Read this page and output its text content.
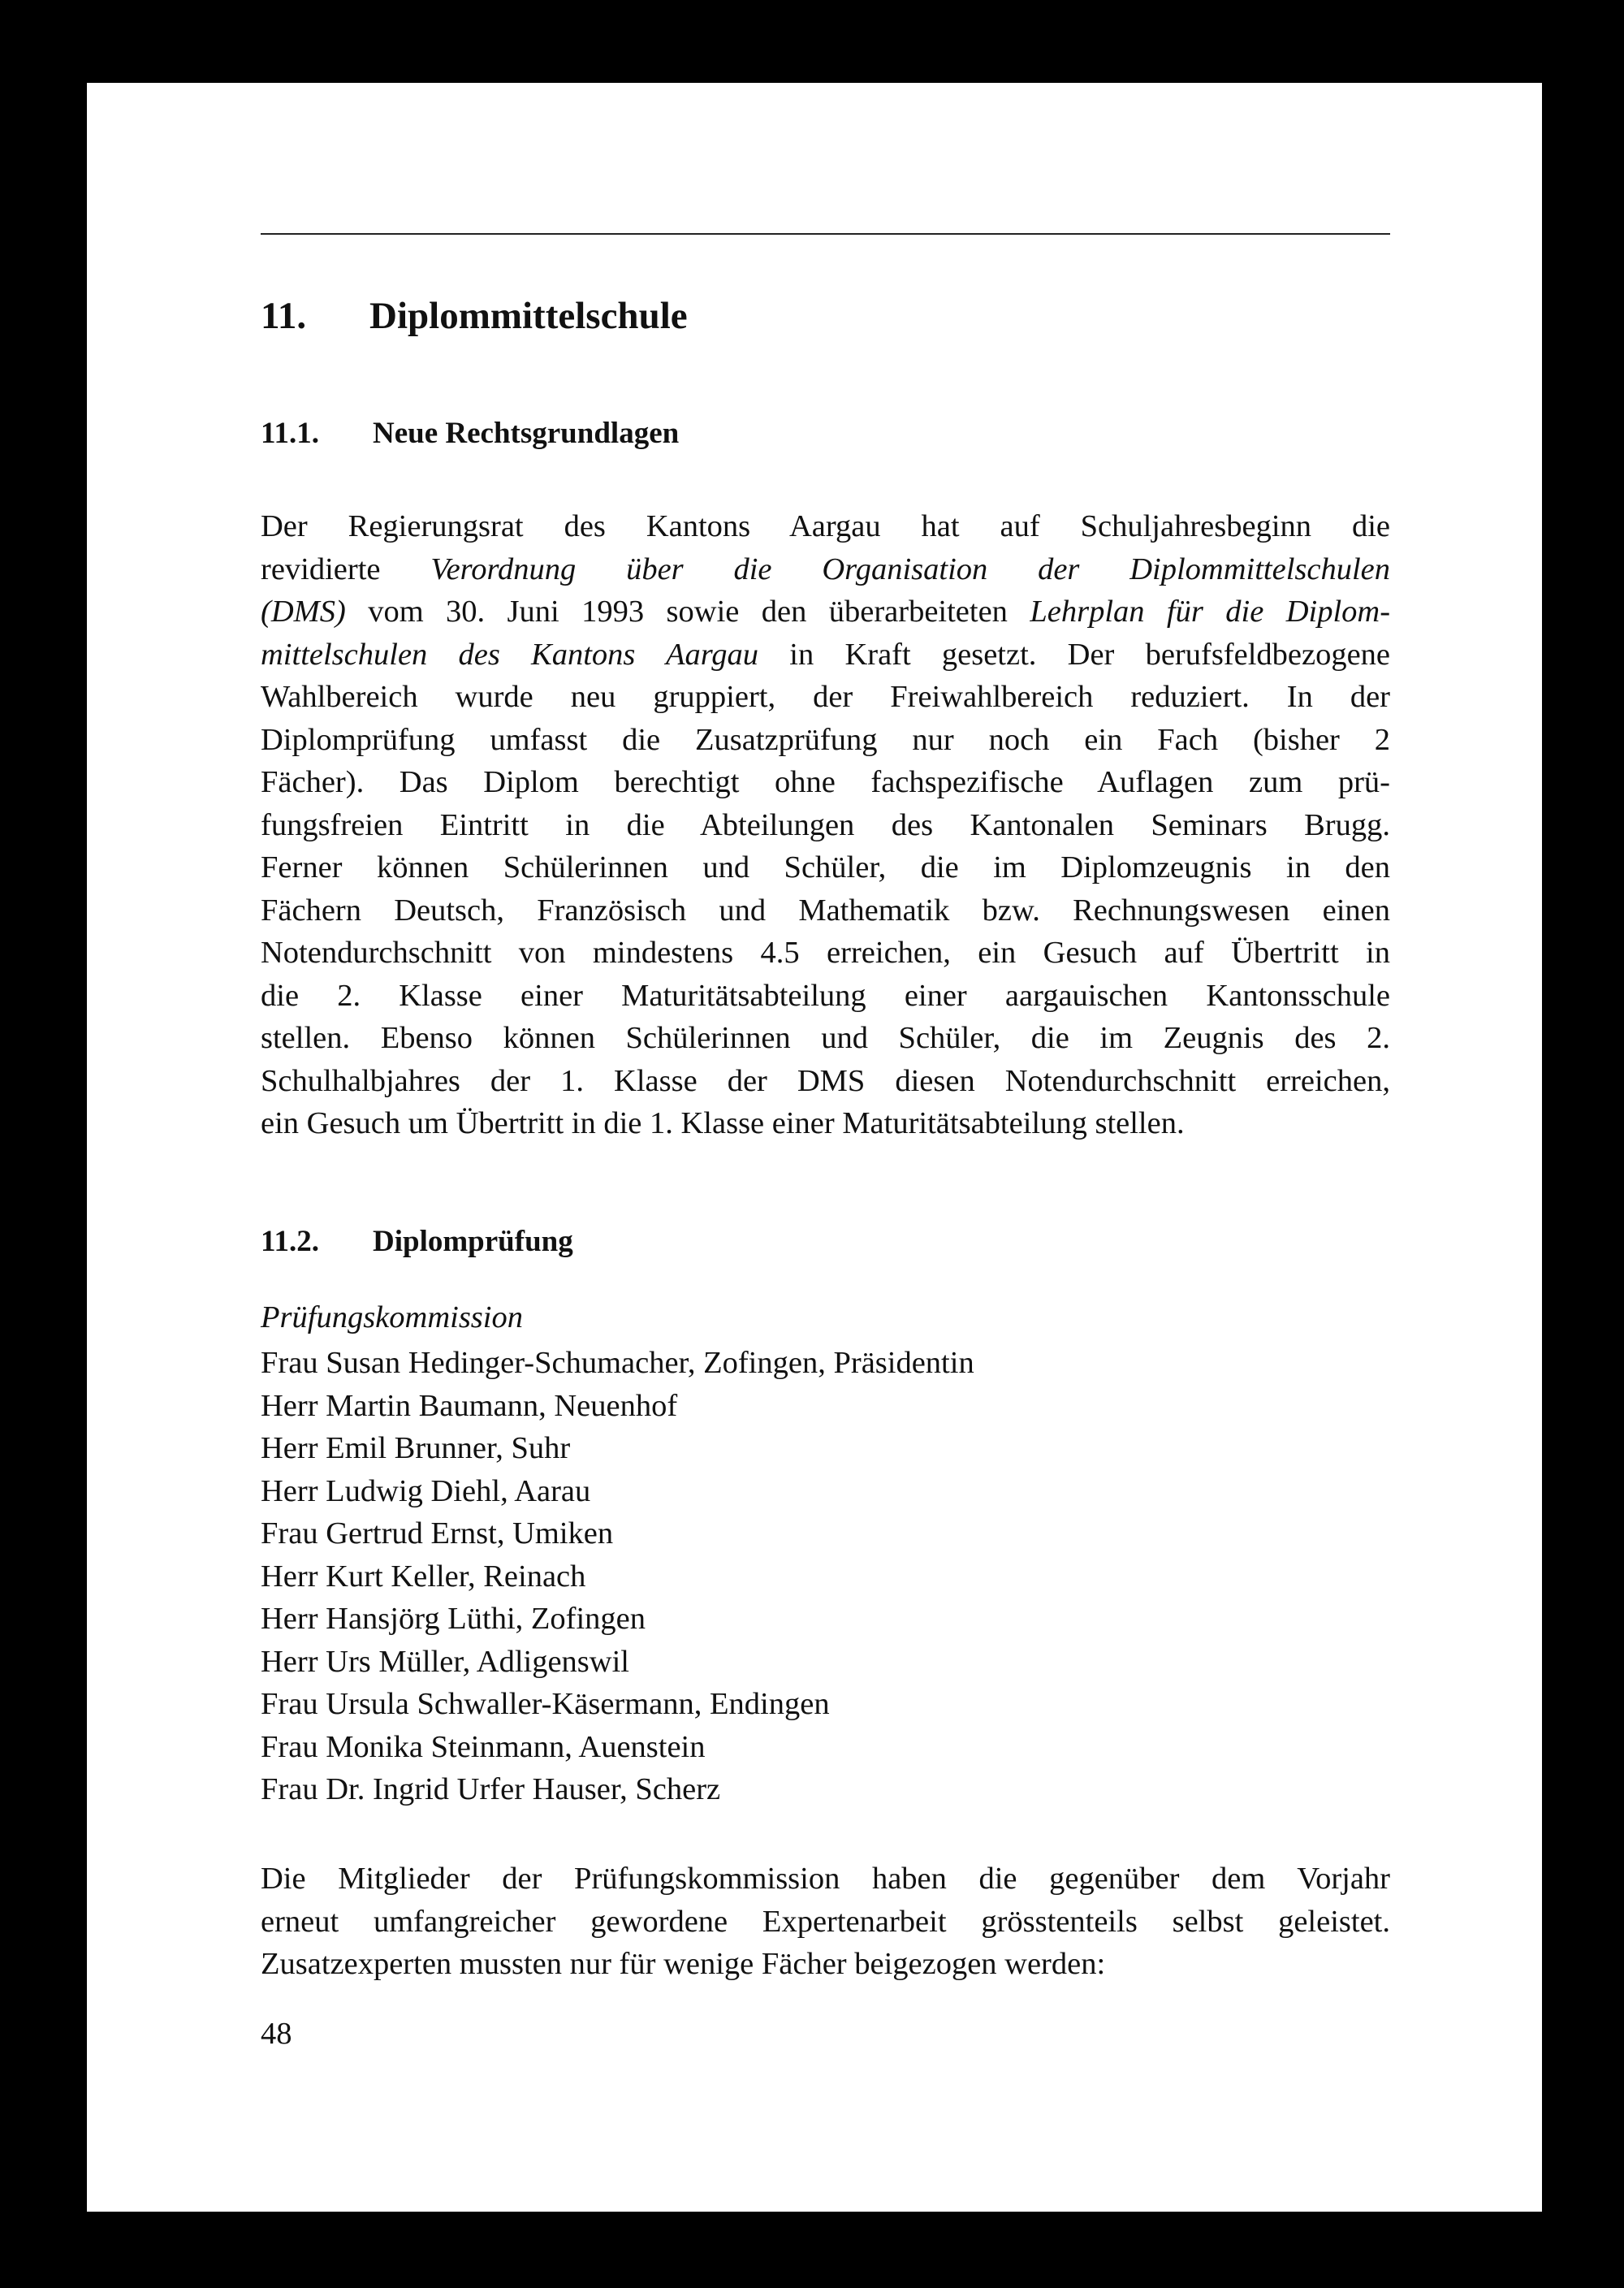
11. Diplommittelschule
11.1. Neue Rechtsgrundlagen
Der Regierungsrat des Kantons Aargau hat auf Schuljahresbeginn die
revidierte Verordnung über die Organisation der Diplommittelschulen
(DMS) vom 30. Juni 1993 sowie den überarbeiteten Lehrplan für die Diplom-
mittelschulen des Kantons Aargau in Kraft gesetzt. Der berufsfeldbezogene
Wahlbereich wurde neu gruppiert, der Freiwahlbereich reduziert. In der
Diplomprüfung umfasst die Zusatzprüfung nur noch ein Fach (bisher 2
Fächer). Das Diplom berechtigt ohne fachspezifische Auflagen zum prü-
fungsfreien Eintritt in die Abteilungen des Kantonalen Seminars Brugg.
Ferner können Schülerinnen und Schüler, die im Diplomzeugnis in den
Fächern Deutsch, Französisch und Mathematik bzw. Rechnungswesen einen
Notendurchschnitt von mindestens 4.5 erreichen, ein Gesuch auf Übertritt in
die 2. Klasse einer Maturitätsabteilung einer aargauischen Kantonsschule
stellen. Ebenso können Schülerinnen und Schüler, die im Zeugnis des 2.
Schulhalbjahres der 1. Klasse der DMS diesen Notendurchschnitt erreichen,
ein Gesuch um Übertritt in die 1. Klasse einer Maturitätsabteilung stellen.
11.2. Diplomprüfung
Prüfungskommission
Frau Susan Hedinger-Schumacher, Zofingen, Präsidentin
Herr Martin Baumann, Neuenhof
Herr Emil Brunner, Suhr
Herr Ludwig Diehl, Aarau
Frau Gertrud Ernst, Umiken
Herr Kurt Keller, Reinach
Herr Hansjörg Lüthi, Zofingen
Herr Urs Müller, Adligenswil
Frau Ursula Schwaller-Käsermann, Endingen
Frau Monika Steinmann, Auenstein
Frau Dr. Ingrid Urfer Hauser, Scherz
Die Mitglieder der Prüfungskommission haben die gegenüber dem Vorjahr
erneut umfangreicher gewordene Expertenarbeit grösstenteils selbst geleistet.
Zusatzexperten mussten nur für wenige Fächer beigezogen werden:
48
